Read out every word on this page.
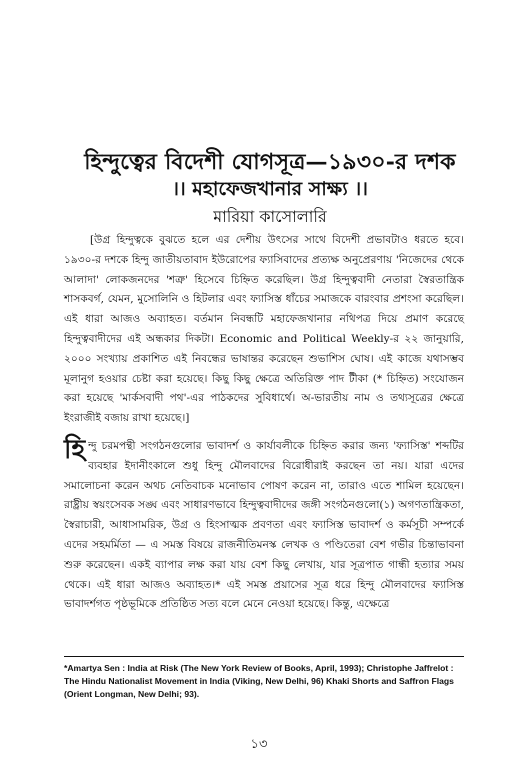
হিন্দুত্বের বিদেশী যোগসূত্র—১৯৩০-র দশক
।। মহাফেজখানার সাক্ষ্য ।।

মারিয়া কাসোলারি

[উগ্র হিন্দুত্বকে বুঝতে হলে এর দেশীয় উৎসের সাথে বিদেশী প্রভাবটাও ধরতে হবে। ১৯৩০-র দশকে হিন্দু জাতীয়তাবাদ ইউরোপের ফ্যাসিবাদের প্রত্যক্ষ অনুপ্রেরণায় 'নিজেদের থেকে আলাদা' লোকজনদের 'শত্রু' হিসেবে চিহ্নিত করেছিল। উগ্র হিন্দুত্ববাদী নেতারা স্বৈরতান্ত্রিক শাসকবর্গ, যেমন, মুসোলিনি ও হিটলার এবং ফ্যাসিস্ত ধাঁচের সমাজকে বারংবার প্রশংসা করেছিল। এই ধারা আজও অব্যাহত। বর্তমান নিবন্ধটি মহাফেজখানার নথিপত্র দিয়ে প্রমাণ করেছে হিন্দুত্ববাদীদের এই অন্ধকার দিকটা। Economic and Political Weekly-র ২২ জানুয়ারি, ২০০০ সংখ্যায় প্রকাশিত এই নিবন্ধের ভাষান্তর করেছেন শুভাশিস ঘোষ। এই কাজে যথাসম্ভব মূলানুগ হওয়ার চেষ্টা করা হয়েছে। কিছু কিছু ক্ষেত্রে অতিরিক্ত পাদ টীকা (* চিহ্নিত) সংযোজন করা হয়েছে 'মার্কসবাদী পথ'-এর পাঠকদের সুবিধার্থে। অ-ভারতীয় নাম ও তথ্যসূত্রের ক্ষেত্রে ইংরাজীই বজায় রাখা হয়েছে।]

হিন্দু চরমপন্থী সংগঠনগুলোর ভাবাদর্শ ও কার্যাবলীকে চিহ্নিত করার জন্য 'ফ্যাসিস্ত' শব্দটির ব্যবহার ইদানীংকালে শুধু হিন্দু মৌলবাদের বিরোধীরাই করছেন তা নয়। যারা এদের সমালোচনা করেন অথচ নেতিবাচক মনোভাব পোষণ করেন না, তারাও এতে শামিল হয়েছেন। রাষ্ট্রীয় স্বয়ংসেবক সঙ্ঘ এবং সাধারণভাবে হিন্দুত্ববাদীদের জঙ্গী সংগঠনগুলো(১) অগণতান্ত্রিকতা, স্বৈরাচারী, আধাসামরিক, উগ্র ও হিংসাত্মক প্রবণতা এবং ফ্যাসিস্ত ভাবাদর্শ ও কর্মসূচী সম্পর্কে এদের সহমর্মিতা — এ সমস্ত বিষয়ে রাজনীতিমনস্ক লেখক ও পণ্ডিতেরা বেশ গভীর চিন্তাভাবনা শুরু করেছেন। একই ব্যাপার লক্ষ করা যায় বেশ কিছু লেখায়, যার সূত্রপাত গান্ধী হত্যার সময় থেকে। এই ধারা আজও অব্যাহত।* এই সমস্ত প্রয়াসের সূত্র ধরে হিন্দু মৌলবাদের ফ্যাসিস্ত ভাবাদর্শগত পৃষ্ঠভূমিকে প্রতিষ্ঠিত সত্য বলে মেনে নেওয়া হয়েছে। কিন্তু, এক্ষেত্রে

*Amartya Sen : India at Risk (The New York Review of Books, April, 1993); Christophe Jaffrelot : The Hindu Nationalist Movement in India (Viking, New Delhi, 96) Khaki Shorts and Saffron Flags (Orient Longman, New Delhi; 93).

১৩
